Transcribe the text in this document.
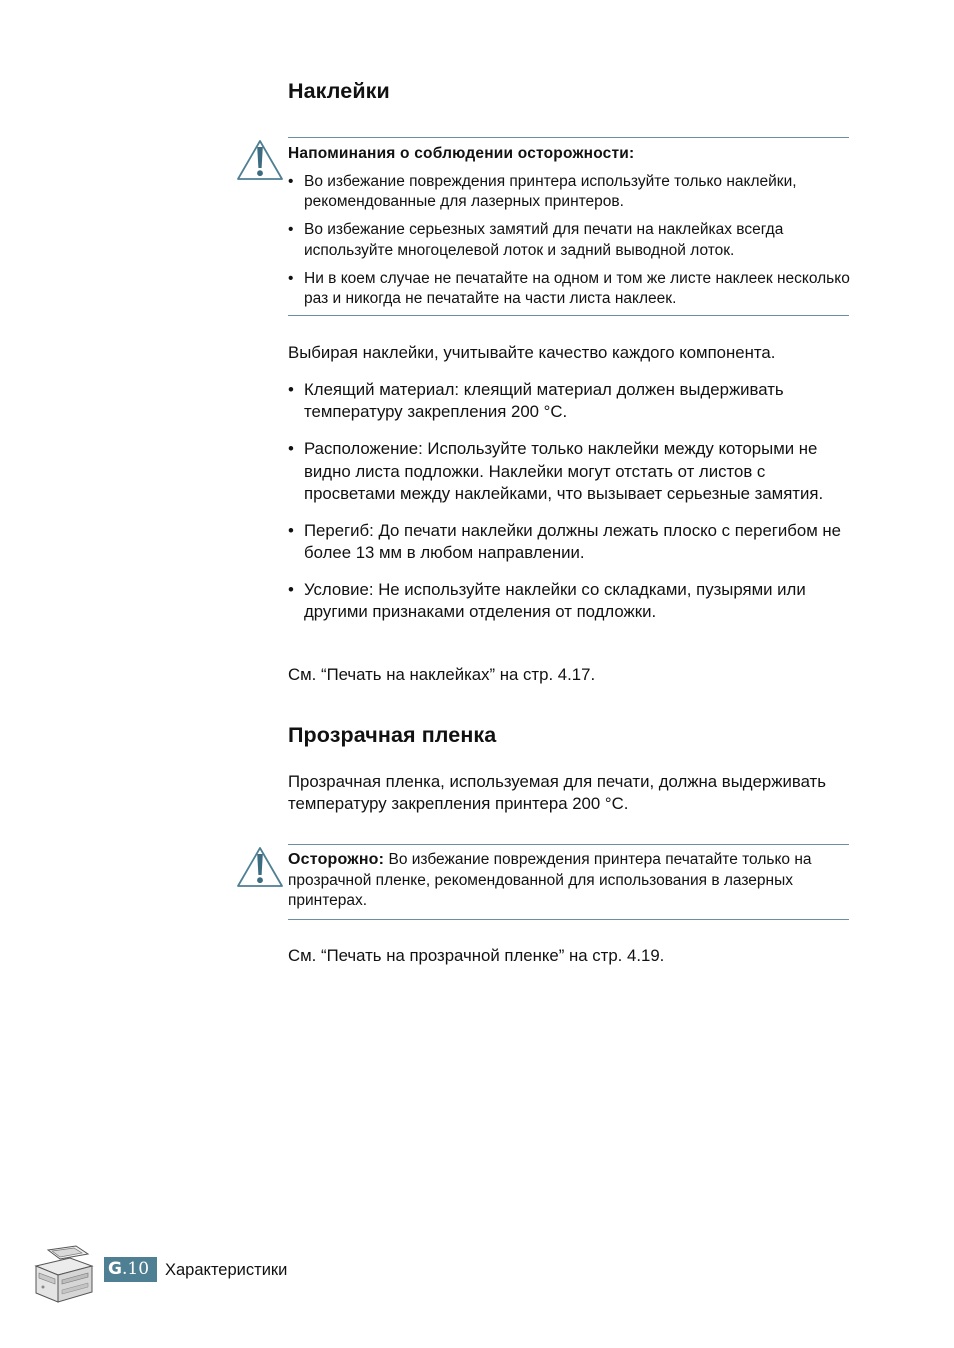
Наклейки
Напоминания о соблюдении осторожности:
• Во избежание повреждения принтера используйте только наклейки, рекомендованные для лазерных принтеров.
• Во избежание серьезных замятий для печати на наклейках всегда используйте многоцелевой лоток и задний выводной лоток.
• Ни в коем случае не печатайте на одном и том же листе наклеек несколько раз и никогда не печатайте на части листа наклеек.

Выбирая наклейки, учитывайте качество каждого компонента.

• Клеящий материал: клеящий материал должен выдерживать температуру закрепления 200 °C.
• Расположение: Используйте только наклейки между которыми не видно листа подложки. Наклейки могут отстать от листов с просветами между наклейками, что вызывает серьезные замятия.
• Перегиб: До печати наклейки должны лежать плоско с перегибом не более 13 мм в любом направлении.
• Условие: Не используйте наклейки со складками, пузырями или другими признаками отделения от подложки.

См. “Печать на наклейках” на стр. 4.17.

Прозрачная пленка

Прозрачная пленка, используемая для печати, должна выдерживать температуру закрепления принтера 200 °C.

Осторожно: Во избежание повреждения принтера печатайте только на прозрачной пленке, рекомендованной для использования в лазерных принтерах.

См. “Печать на прозрачной пленке” на стр. 4.19.

G.10 Характеристики
